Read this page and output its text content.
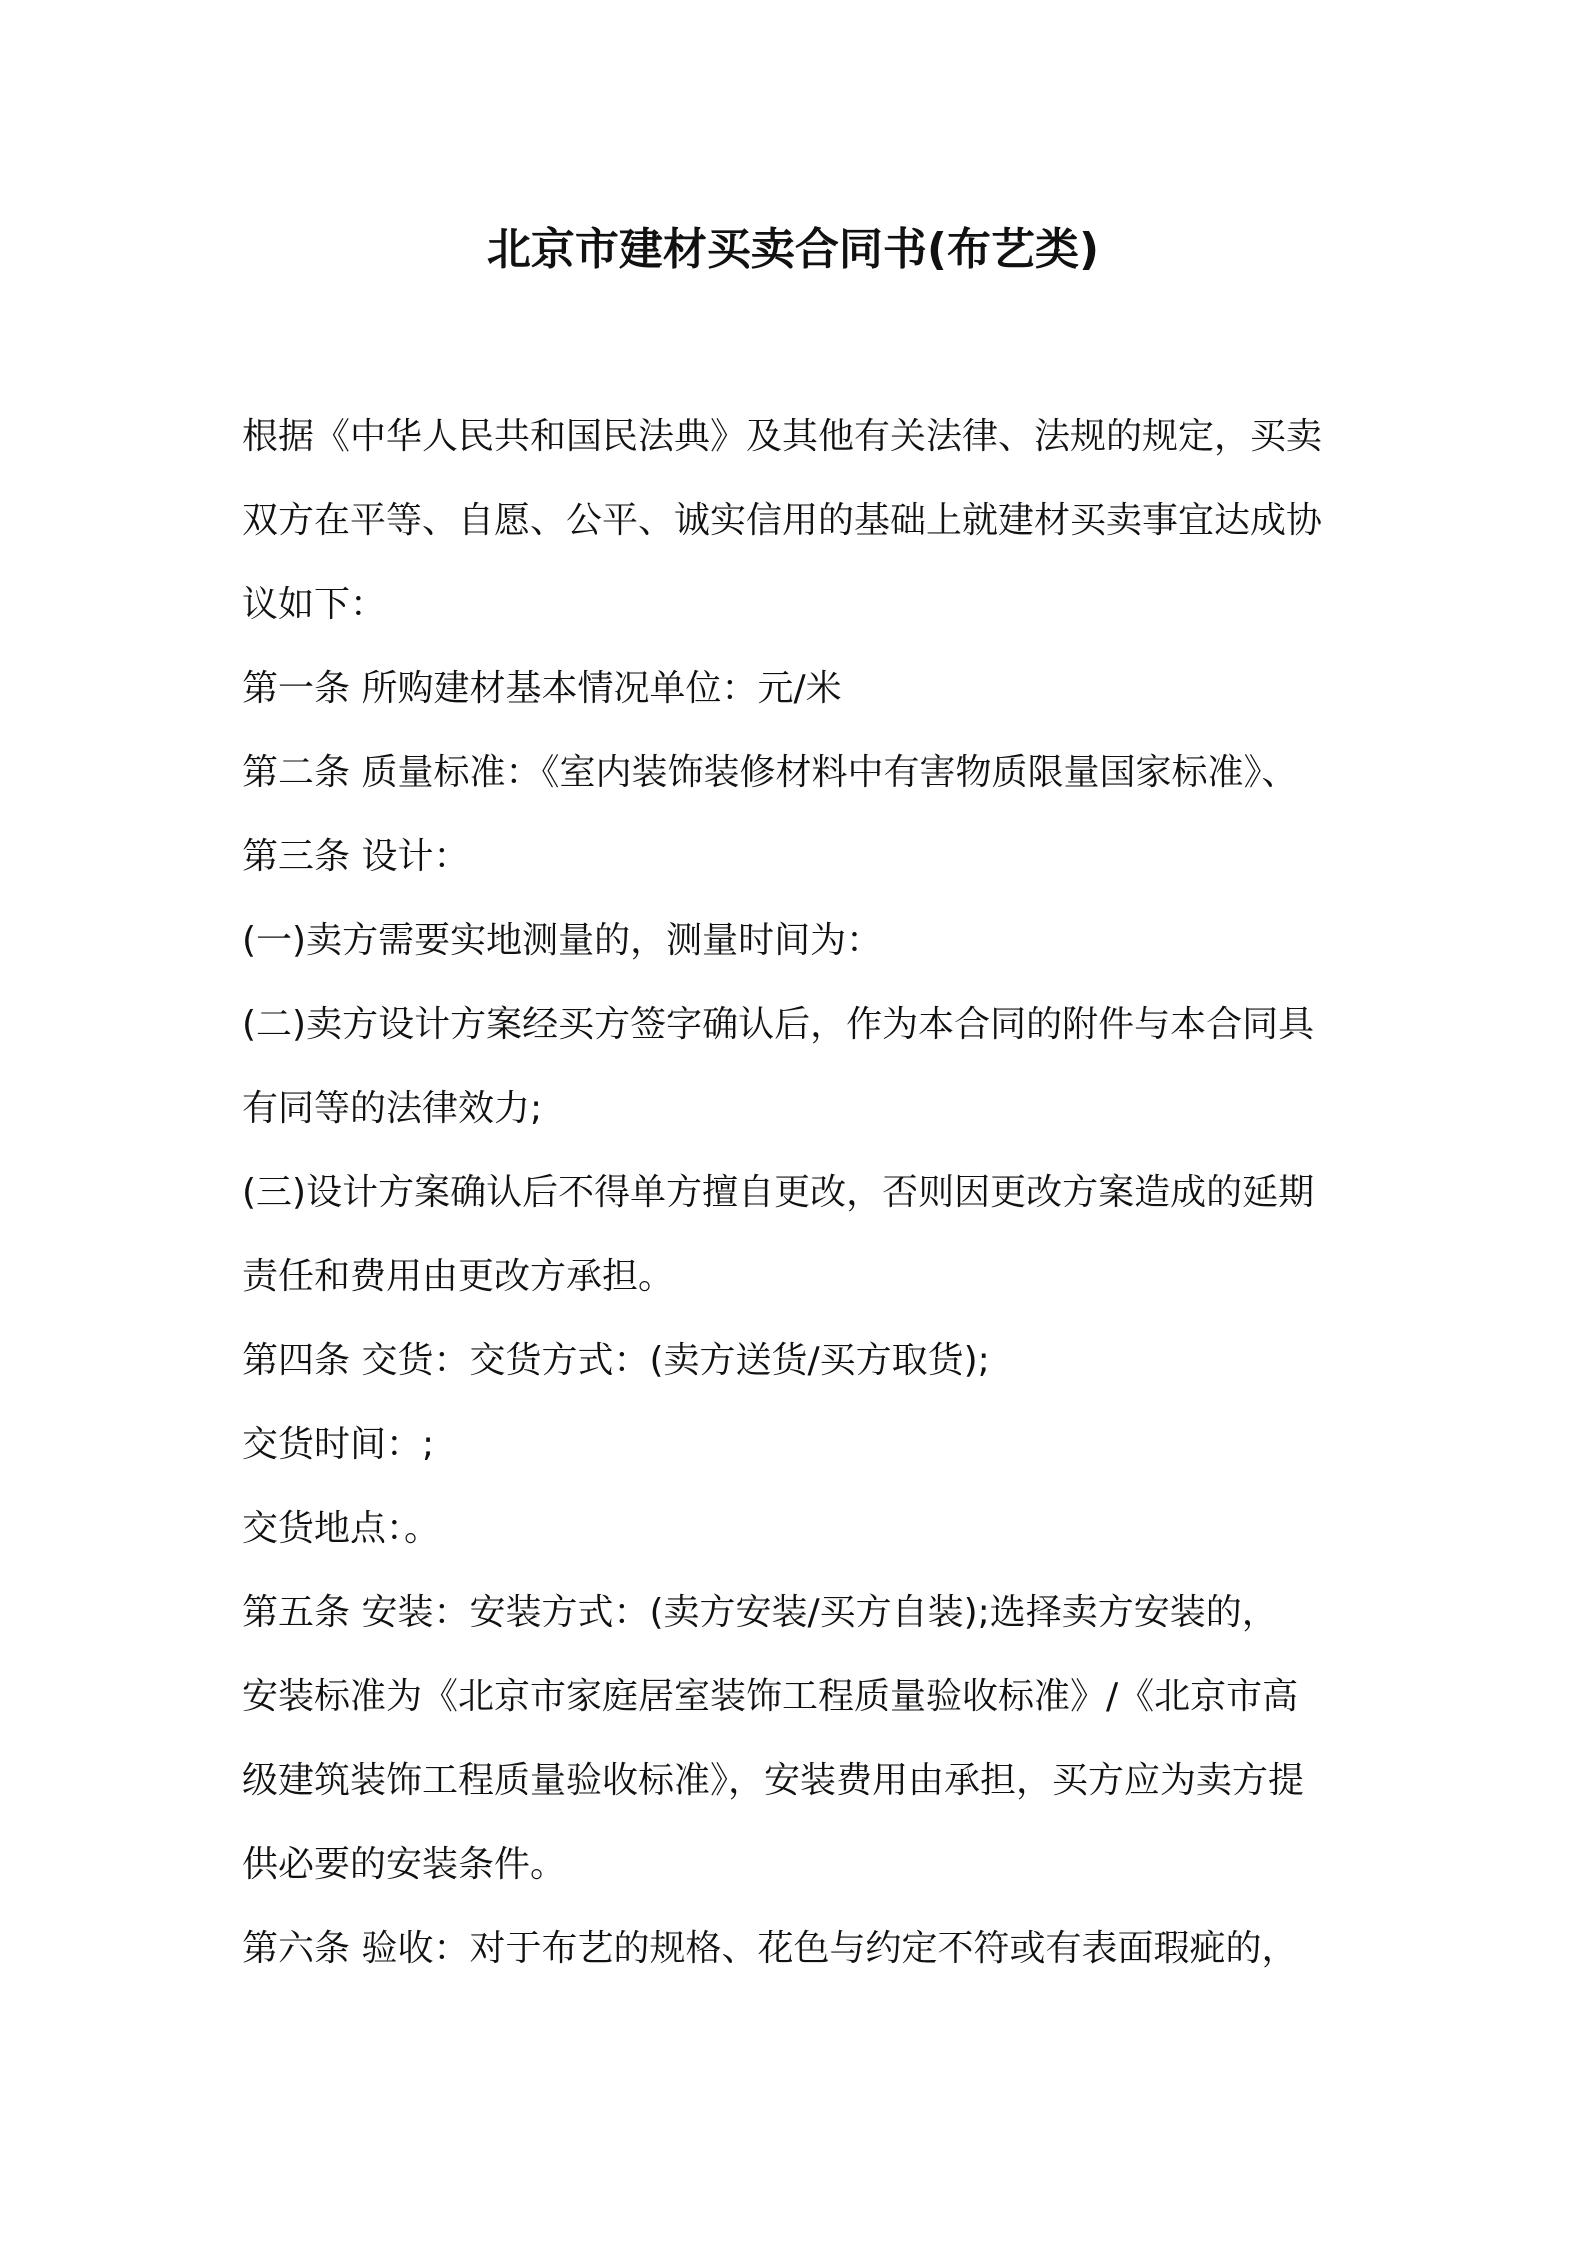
北京市建材买卖合同书(布艺类)

根据《中华人民共和国民法典》及其他有关法律、法规的规定，买卖

双方在平等、自愿、公平、诚实信用的基础上就建材买卖事宜达成协

议如下：

第一条 所购建材基本情况单位：元/米

第二条 质量标准：《室内装饰装修材料中有害物质限量国家标准》、

第三条 设计：

(一)卖方需要实地测量的，测量时间为：

(二)卖方设计方案经买方签字确认后，作为本合同的附件与本合同具

有同等的法律效力;

(三)设计方案确认后不得单方擅自更改，否则因更改方案造成的延期

责任和费用由更改方承担。

第四条 交货：交货方式：(卖方送货/买方取货);

交货时间：;

交货地点：。

第五条 安装：安装方式：(卖方安装/买方自装);选择卖方安装的，

安装标准为《北京市家庭居室装饰工程质量验收标准》/《北京市高

级建筑装饰工程质量验收标准》，安装费用由承担，买方应为卖方提

供必要的安装条件。

第六条 验收：对于布艺的规格、花色与约定不符或有表面瑕疵的，
